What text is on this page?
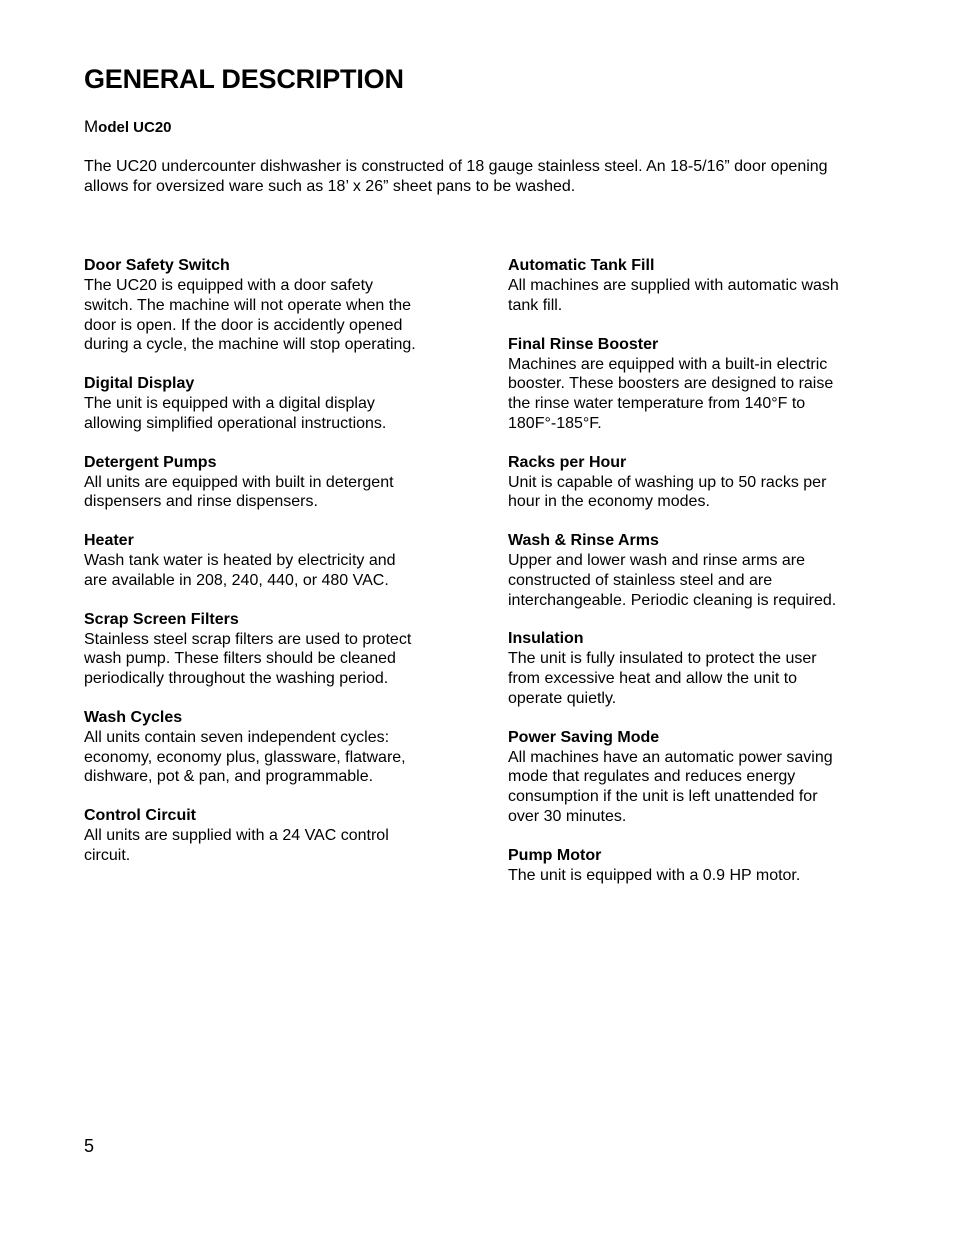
GENERAL DESCRIPTION

Model UC20

The UC20 undercounter dishwasher is constructed of 18 gauge stainless steel. An 18-5/16” door opening allows for oversized ware such as 18’ x 26” sheet pans to be washed.

Door Safety Switch
The UC20 is equipped with a door safety
switch. The machine will not operate when the
door is open. If the door is accidently opened
during a cycle, the machine will stop operating.
Digital Display
The unit is equipped with a digital display
allowing simplified operational instructions.
Detergent Pumps
All units are equipped with built in detergent
dispensers and rinse dispensers.
Heater
Wash tank water is heated by electricity and
are available in 208, 240, 440, or 480 VAC.
Scrap Screen Filters
Stainless steel scrap filters are used to protect
wash pump. These filters should be cleaned
periodically throughout the washing period.
Wash Cycles
All units contain seven independent cycles:
economy, economy plus, glassware, flatware,
dishware, pot & pan, and programmable.
Control Circuit
All units are supplied with a 24 VAC control
circuit.
Automatic Tank Fill
All machines are supplied with automatic wash
tank fill.
Final Rinse Booster
Machines are equipped with a built-in electric
booster. These boosters are designed to raise
the rinse water temperature from 140°F to
180F°-185°F.
Racks per Hour
Unit is capable of washing up to 50 racks per
hour in the economy modes.
Wash & Rinse Arms
Upper and lower wash and rinse arms are
constructed of stainless steel and are
interchangeable. Periodic cleaning is required.
Insulation
The unit is fully insulated to protect the user
from excessive heat and allow the unit to
operate quietly.
Power Saving Mode
All machines have an automatic power saving
mode that regulates and reduces energy
consumption if the unit is left unattended for
over 30 minutes.
Pump Motor
The unit is equipped with a 0.9 HP motor.
5
